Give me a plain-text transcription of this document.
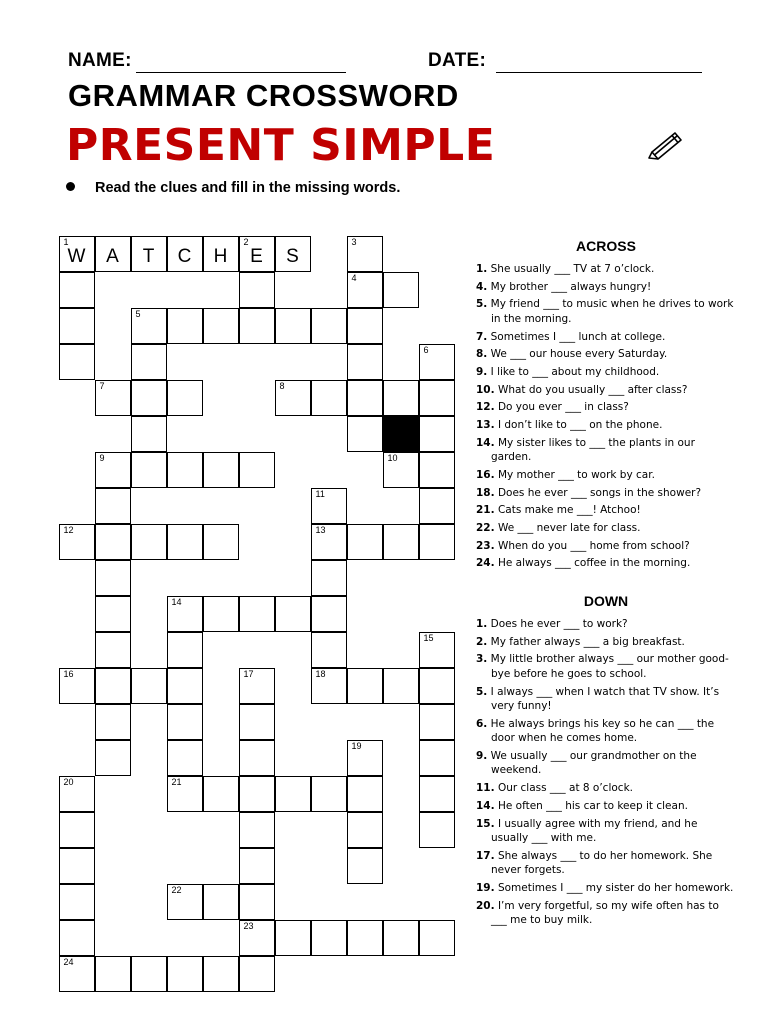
NAME:	DATE:
GRAMMAR CROSSWORD
PRESENT SIMPLE
Read the clues and fill in the missing words.
1
W	A	T	C	H
2
E	S
3
4
5
6
7	8
9	10
11
12	13
14
15
16	17	18
19
20	21
22
23
24
ACROSS
1. She usually ___ TV at 7 o’clock.
4. My brother ___ always hungry!
5. My friend ___ to music when he drives to work in the morning.
7. Sometimes I ___ lunch at college.
8. We ___ our house every Saturday.
9. I like to ___ about my childhood.
10. What do you usually ___ after class?
12. Do you ever ___ in class?
13. I don’t like to ___ on the phone.
14. My sister likes to ___ the plants in our garden.
16. My mother ___ to work by car.
18. Does he ever ___ songs in the shower?
21. Cats make me ___! Atchoo!
22. We ___ never late for class.
23. When do you ___ home from school?
24. He always ___ coffee in the morning.
DOWN
1. Does he ever ___ to work?
2. My father always ___ a big breakfast.
3. My little brother always ___ our mother good-bye before he goes to school.
5. I always ___ when I watch that TV show. It’s very funny!
6. He always brings his key so he can ___ the door when he comes home.
9. We usually ___ our grandmother on the weekend.
11. Our class ___ at 8 o’clock.
14. He often ___ his car to keep it clean.
15. I usually agree with my friend, and he usually ___ with me.
17. She always ___ to do her homework. She never forgets.
19. Sometimes I ___ my sister do her homework.
20. I’m very forgetful, so my wife often has to ___ me to buy milk.
